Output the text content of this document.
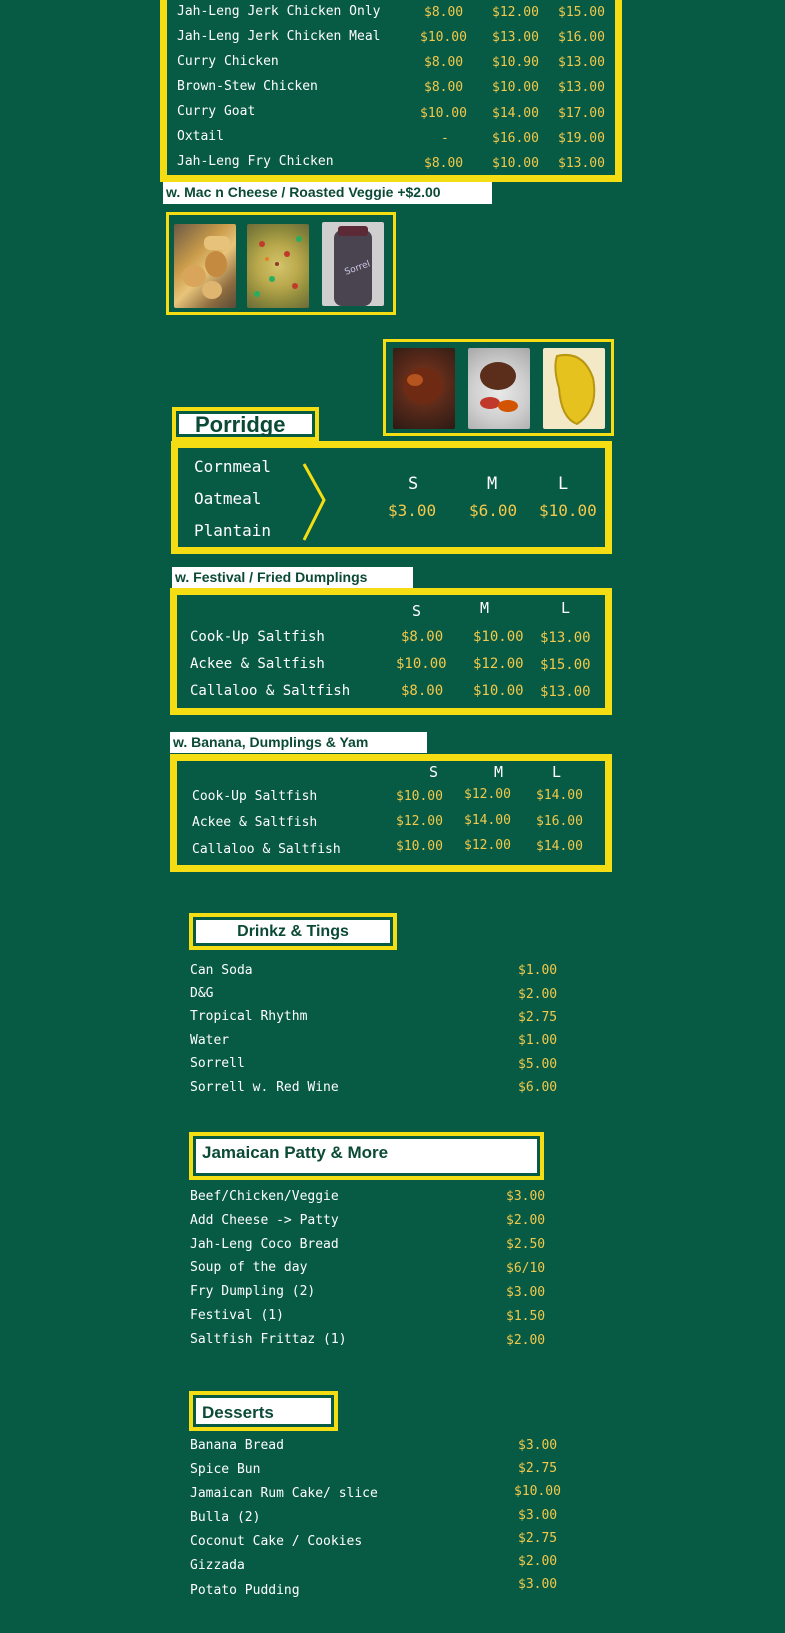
Jah-Leng Jerk Chicken Only	$8.00 $12.00 $15.00
Jah-Leng Jerk Chicken Meal	$10.00 $13.00 $16.00
Curry Chicken	$8.00 $10.90 $13.00
Brown-Stew Chicken	$8.00 $10.00 $13.00
Curry Goat	$10.00 $14.00 $17.00
Oxtail	-	$16.00 $19.00
Jah-Leng Fry Chicken	$8.00 $10.00 $13.00
w. Mac n Cheese / Roasted Veggie +$2.00
Sorrel
Porridge
Cornmeal
Oatmeal
Plantain
S	M	L
$3.00 $6.00 $10.00
w. Festival / Fried Dumplings
S	M	L
Cook-Up Saltfish	$8.00 $10.00 $13.00
Ackee & Saltfish	$10.00 $12.00 $15.00
Callaloo & Saltfish	$8.00 $10.00 $13.00
w. Banana, Dumplings & Yam
S	M	L
Cook-Up Saltfish	$10.00 $12.00 $14.00
Ackee & Saltfish	$12.00 $14.00 $16.00
Callaloo & Saltfish	$10.00 $12.00 $14.00
Drinkz & Tings
Can Soda	$1.00
D&G	$2.00
Tropical Rhythm	$2.75
Water	$1.00
Sorrell	$5.00
Sorrell w. Red Wine	$6.00
Jamaican Patty & More
Beef/Chicken/Veggie	$3.00
Add Cheese -> Patty	$2.00
Jah-Leng Coco Bread	$2.50
Soup of the day	$6/10
Fry Dumpling (2)	$3.00
Festival (1)	$1.50
Saltfish Frittaz (1)	$2.00
Desserts
Banana Bread	$3.00
Spice Bun	$2.75
Jamaican Rum Cake/ slice	$10.00
Bulla (2)	$3.00
Coconut Cake / Cookies	$2.75
Gizzada	$2.00
Potato Pudding	$3.00
